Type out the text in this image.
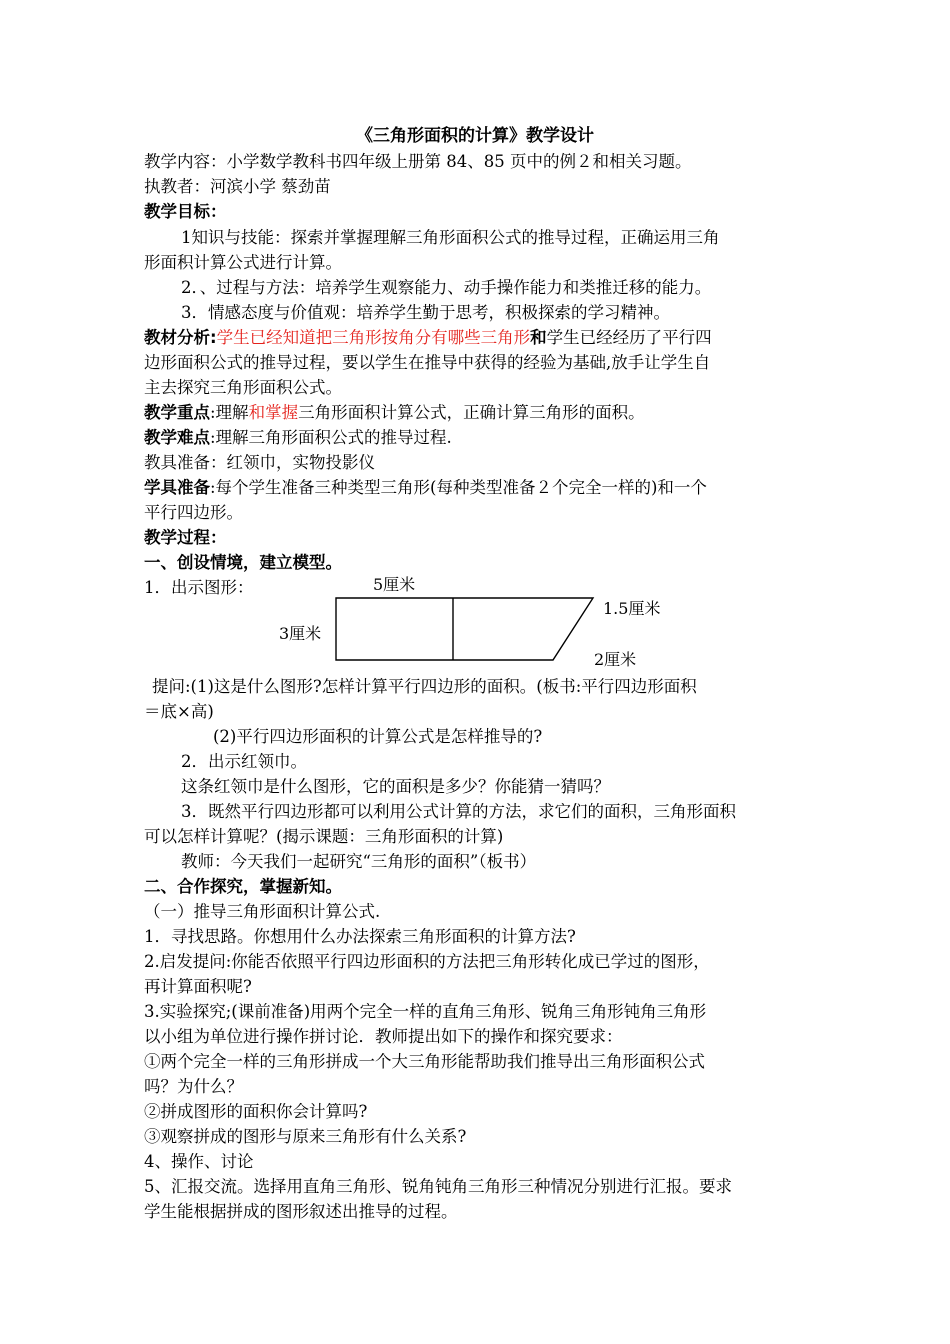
《三角形面积的计算》教学设计
教学内容：小学数学教科书四年级上册第 84、85 页中的例２和相关习题。
执教者：河滨小学 蔡劲苗
教学目标：
1知识与技能：探索并掌握理解三角形面积公式的推导过程，正确运用三角
形面积计算公式进行计算。
2．、过程与方法：培养学生观察能力、动手操作能力和类推迁移的能力。
3．情感态度与价值观：培养学生勤于思考，积极探索的学习精神。
教材分析:学生已经知道把三角形按角分有哪些三角形和学生已经经历了平行四
边形面积公式的推导过程，要以学生在推导中获得的经验为基础,放手让学生自
主去探究三角形面积公式。
教学重点:理解和掌握三角形面积计算公式，正确计算三角形的面积。
教学难点:理解三角形面积公式的推导过程.
教具准备：红领巾，实物投影仪
学具准备:每个学生准备三种类型三角形(每种类型准备２个完全一样的)和一个
平行四边形。
教学过程：
一、创设情境，建立模型。
1．出示图形：	5厘米
3厘米
1.5厘米
2厘米
提问:(1)这是什么图形?怎样计算平行四边形的面积。(板书:平行四边形面积
＝底×高)
(2)平行四边形面积的计算公式是怎样推导的?
2．出示红领巾。
这条红领巾是什么图形，它的面积是多少？你能猜一猜吗？
3．既然平行四边形都可以利用公式计算的方法，求它们的面积，三角形面积
可以怎样计算呢？(揭示课题：三角形面积的计算)
教师：今天我们一起研究“三角形的面积”（板书）
二、合作探究，掌握新知。
（一）推导三角形面积计算公式.
1．寻找思路。你想用什么办法探索三角形面积的计算方法?
2.启发提问:你能否依照平行四边形面积的方法把三角形转化成已学过的图形，
再计算面积呢?
3.实验探究;(课前准备)用两个完全一样的直角三角形、锐角三角形钝角三角形
以小组为单位进行操作拼讨论．教师提出如下的操作和探究要求：
①两个完全一样的三角形拼成一个大三角形能帮助我们推导出三角形面积公式
吗？为什么？
②拼成图形的面积你会计算吗?
③观察拼成的图形与原来三角形有什么关系?
4、操作、讨论
5、汇报交流。选择用直角三角形、锐角钝角三角形三种情况分别进行汇报。要求
学生能根据拼成的图形叙述出推导的过程。
